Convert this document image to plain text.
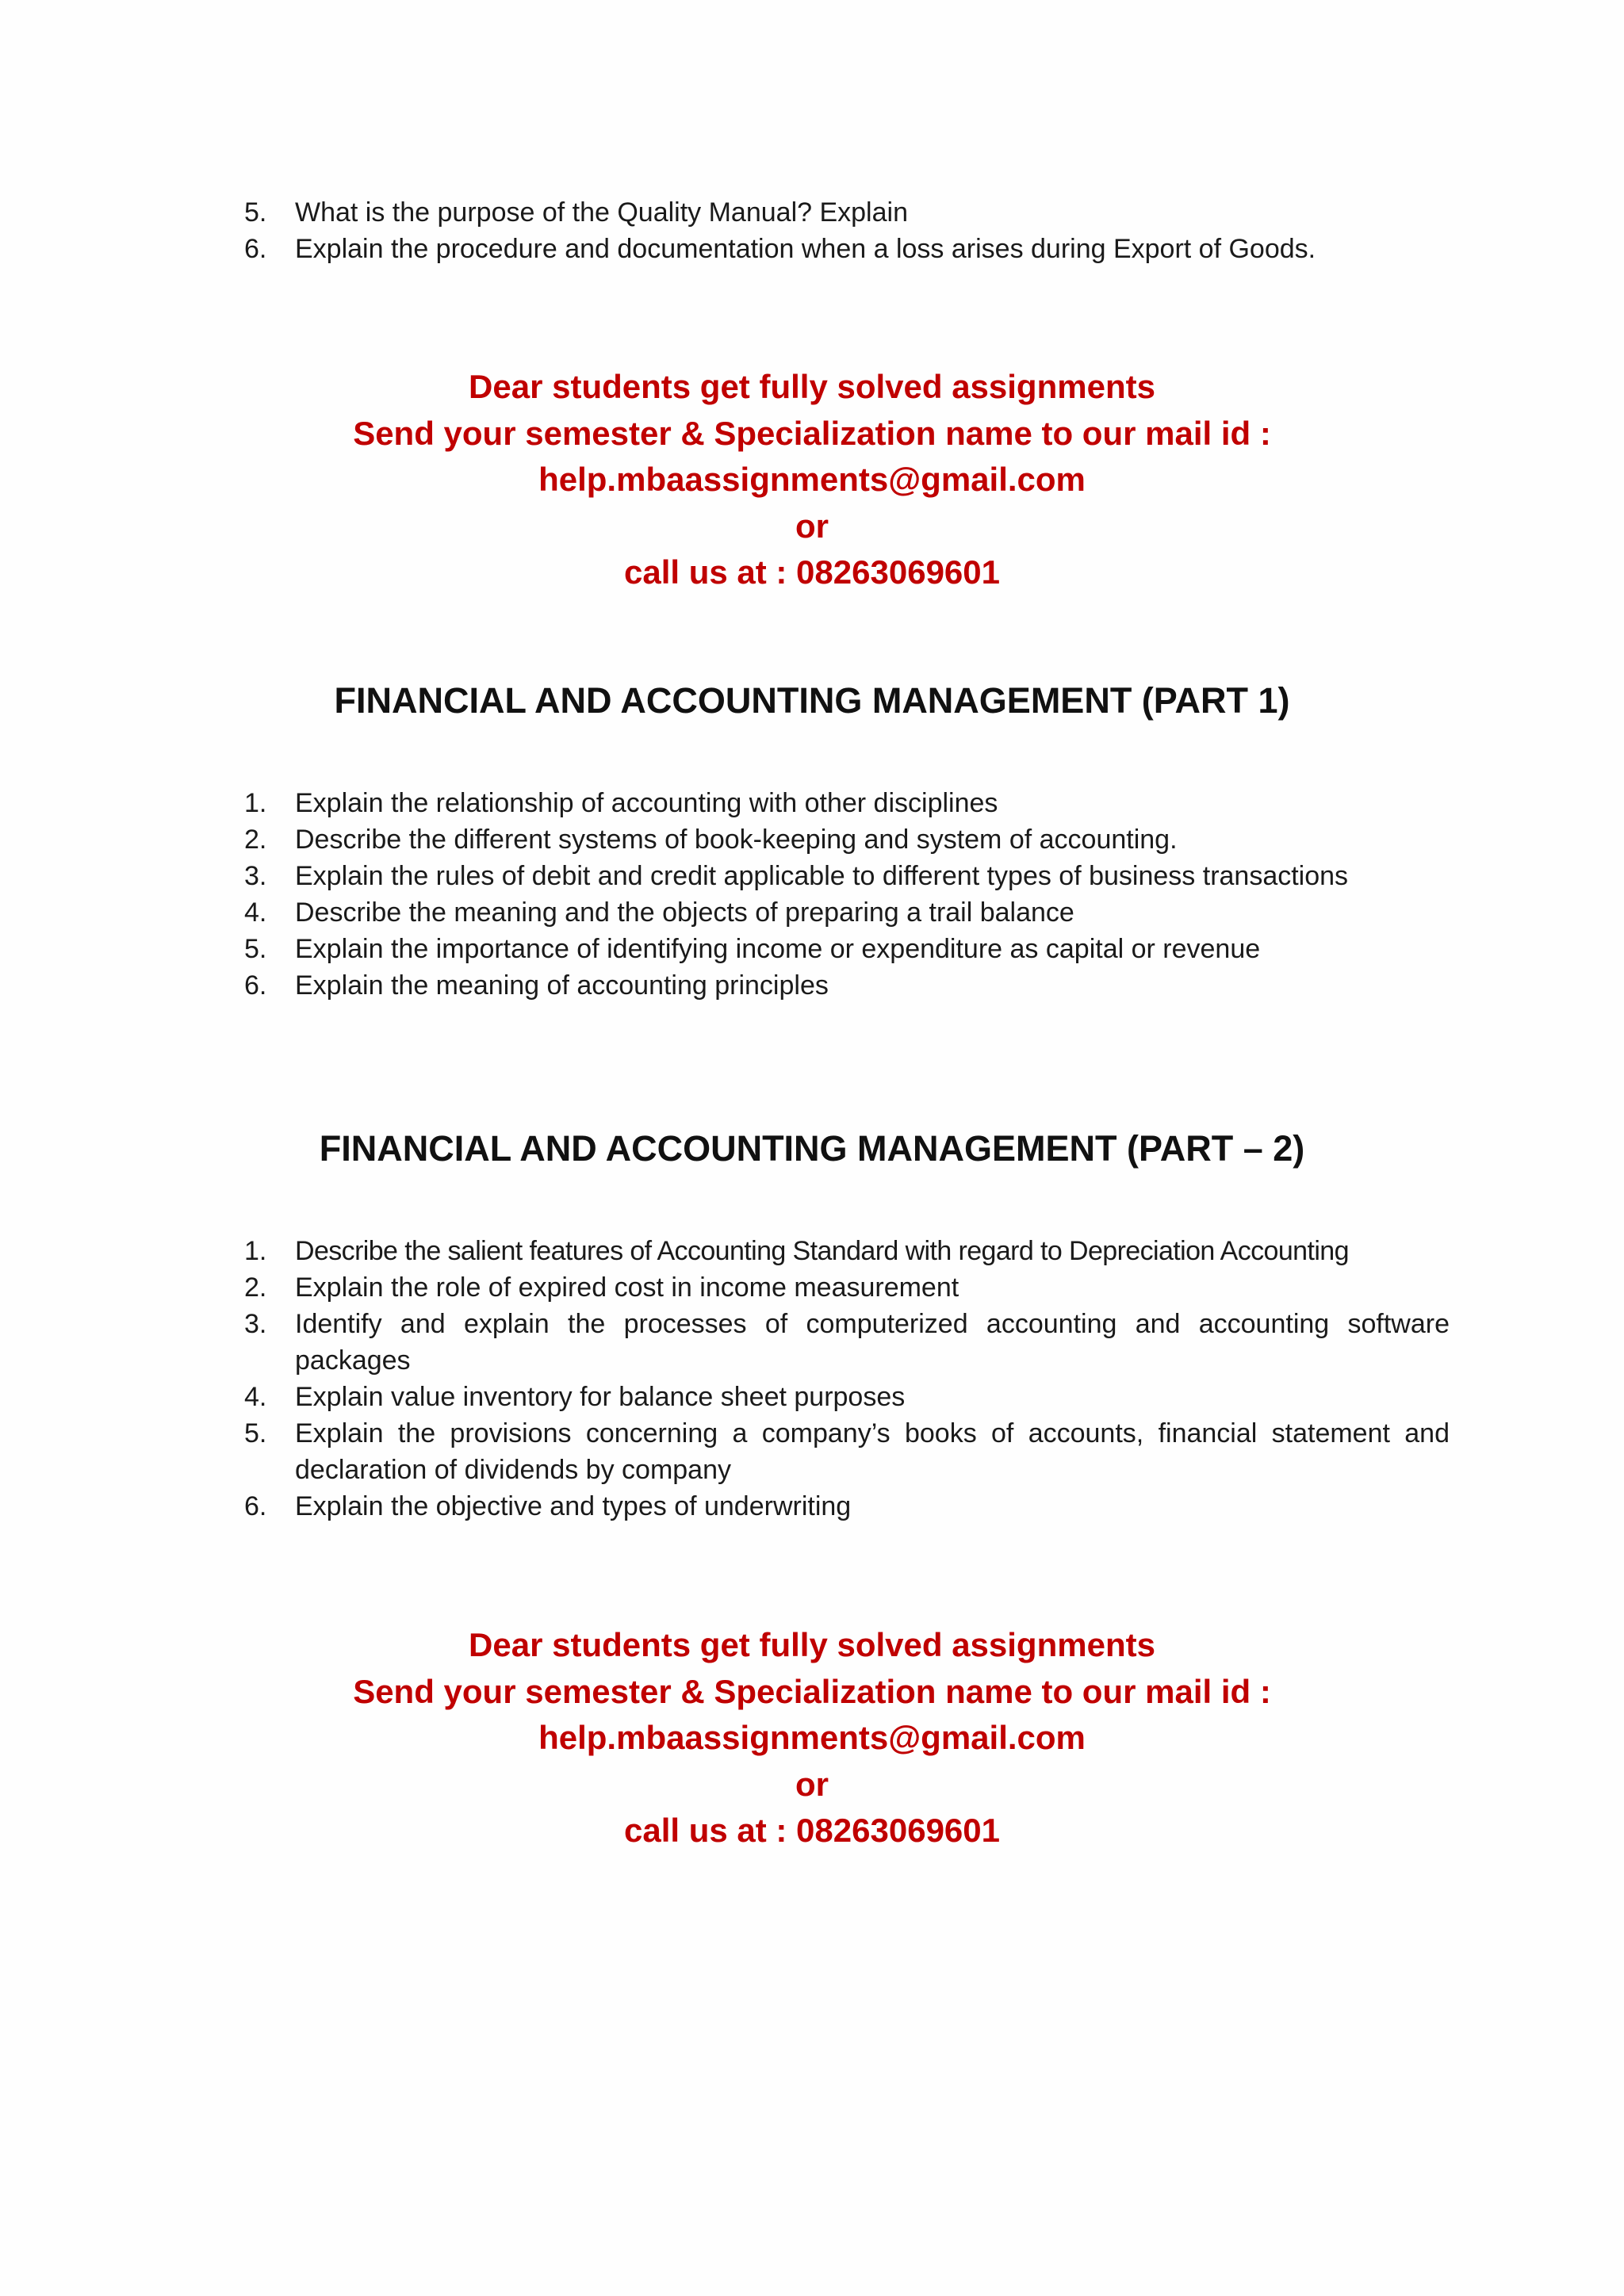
5.	What is the purpose of the Quality Manual? Explain
6.	Explain the procedure and documentation when a loss arises during Export of Goods.
Dear students get fully solved assignments
Send your semester & Specialization name to our mail id :
help.mbaassignments@gmail.com
or
call us at : 08263069601
FINANCIAL AND ACCOUNTING MANAGEMENT (PART 1)
1.	Explain the relationship of accounting with other disciplines
2.	Describe the different systems of book-keeping and system of accounting.
3.	Explain the rules of debit and credit applicable to different types of business transactions
4.	Describe the meaning and the objects of preparing a trail balance
5.	Explain the importance of identifying income or expenditure as capital or revenue
6.	Explain the meaning of accounting principles
FINANCIAL AND ACCOUNTING MANAGEMENT (PART – 2)
1.	Describe the salient features of Accounting Standard with regard to Depreciation Accounting
2.	Explain the role of expired cost in income measurement
3.	Identify and explain the processes of computerized accounting and accounting software packages
4.	Explain value inventory for balance sheet purposes
5.	Explain the provisions concerning a company’s books of accounts, financial statement and declaration of dividends by company
6.	Explain the objective and types of underwriting
Dear students get fully solved assignments
Send your semester & Specialization name to our mail id :
help.mbaassignments@gmail.com
or
call us at : 08263069601
